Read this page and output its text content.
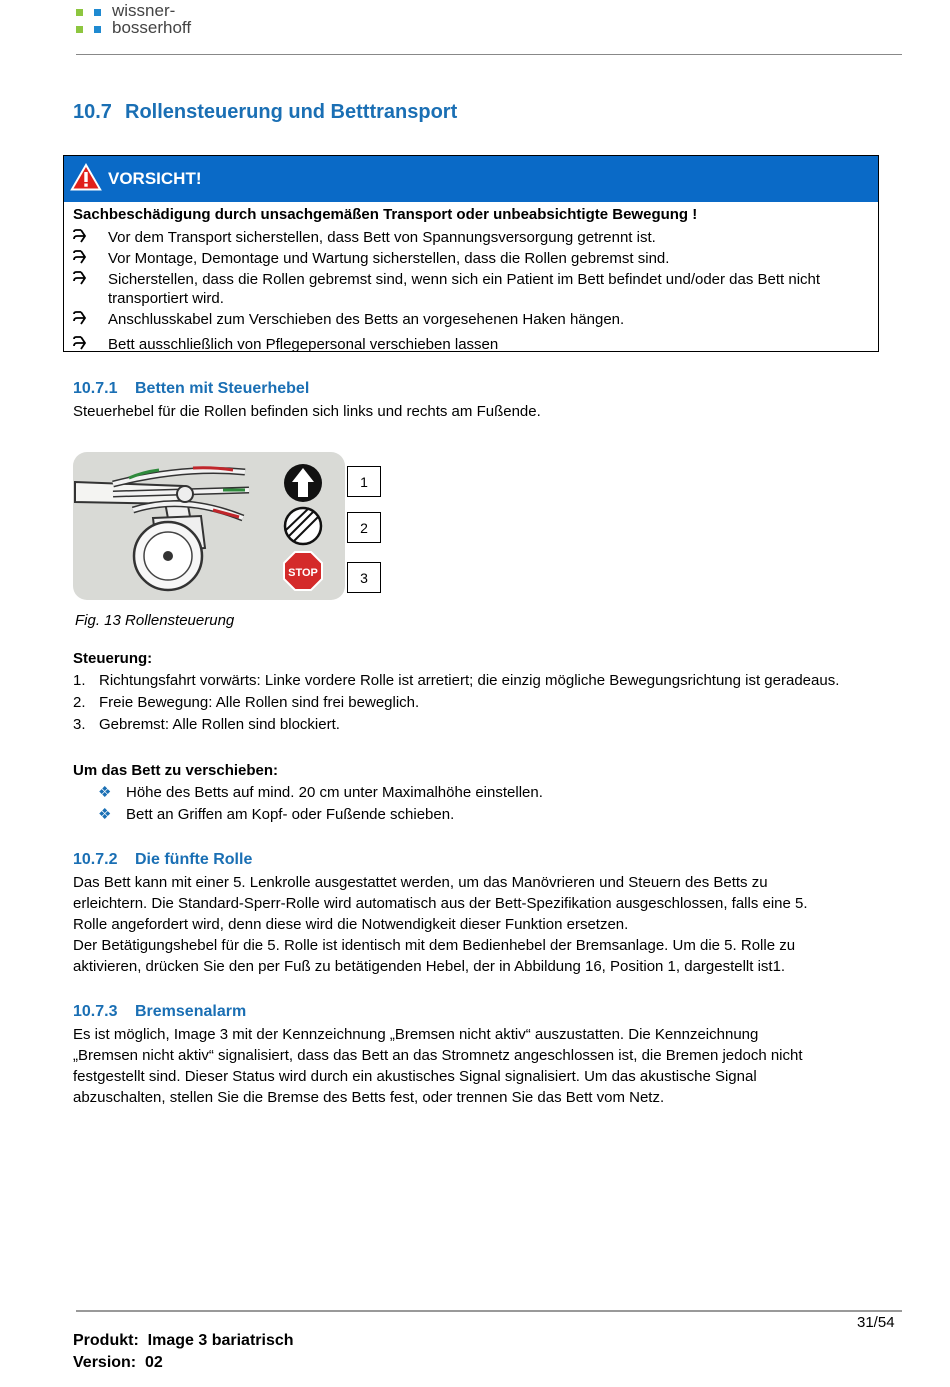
wissner-
bosserhoff
10.7 Rollensteuerung und Betttransport
VORSICHT!
Sachbeschädigung durch unsachgemäßen Transport oder unbeabsichtigte Bewegung !
Vor dem Transport sicherstellen, dass Bett von Spannungsversorgung getrennt ist.
Vor Montage, Demontage und Wartung sicherstellen, dass die Rollen gebremst sind.
Sicherstellen, dass die Rollen gebremst sind, wenn sich ein Patient im Bett befindet und/oder das Bett nicht transportiert wird.
Anschlusskabel zum Verschieben des Betts an vorgesehenen Haken hängen.
Bett ausschließlich von Pflegepersonal verschieben lassen
10.7.1 Betten mit Steuerhebel
Steuerhebel für die Rollen befinden sich links und rechts am Fußende.
STOP
1
2
3
Fig. 13 Rollensteuerung
Steuerung:
1. Richtungsfahrt vorwärts: Linke vordere Rolle ist arretiert; die einzig mögliche Bewegungsrichtung ist geradeaus.
2. Freie Bewegung: Alle Rollen sind frei beweglich.
3. Gebremst: Alle Rollen sind blockiert.
Um das Bett zu verschieben:
❖ Höhe des Betts auf mind. 20 cm unter Maximalhöhe einstellen.
❖ Bett an Griffen am Kopf- oder Fußende schieben.
10.7.2 Die fünfte Rolle
Das Bett kann mit einer 5. Lenkrolle ausgestattet werden, um das Manövrieren und Steuern des Betts zu
erleichtern. Die Standard-Sperr-Rolle wird automatisch aus der Bett-Spezifikation ausgeschlossen, falls eine 5.
Rolle angefordert wird, denn diese wird die Notwendigkeit dieser Funktion ersetzen.
Der Betätigungshebel für die 5. Rolle ist identisch mit dem Bedienhebel der Bremsanlage. Um die 5. Rolle zu
aktivieren, drücken Sie den per Fuß zu betätigenden Hebel, der in Abbildung 16, Position 1, dargestellt ist1.
10.7.3 Bremsenalarm
Es ist möglich, Image 3 mit der Kennzeichnung „Bremsen nicht aktiv“ auszustatten. Die Kennzeichnung
„Bremsen nicht aktiv“ signalisiert, dass das Bett an das Stromnetz angeschlossen ist, die Bremen jedoch nicht
festgestellt sind. Dieser Status wird durch ein akustisches Signal signalisiert. Um das akustische Signal
abzuschalten, stellen Sie die Bremse des Betts fest, oder trennen Sie das Bett vom Netz.
31/54
Produkt: Image 3 bariatrisch
Version: 02
